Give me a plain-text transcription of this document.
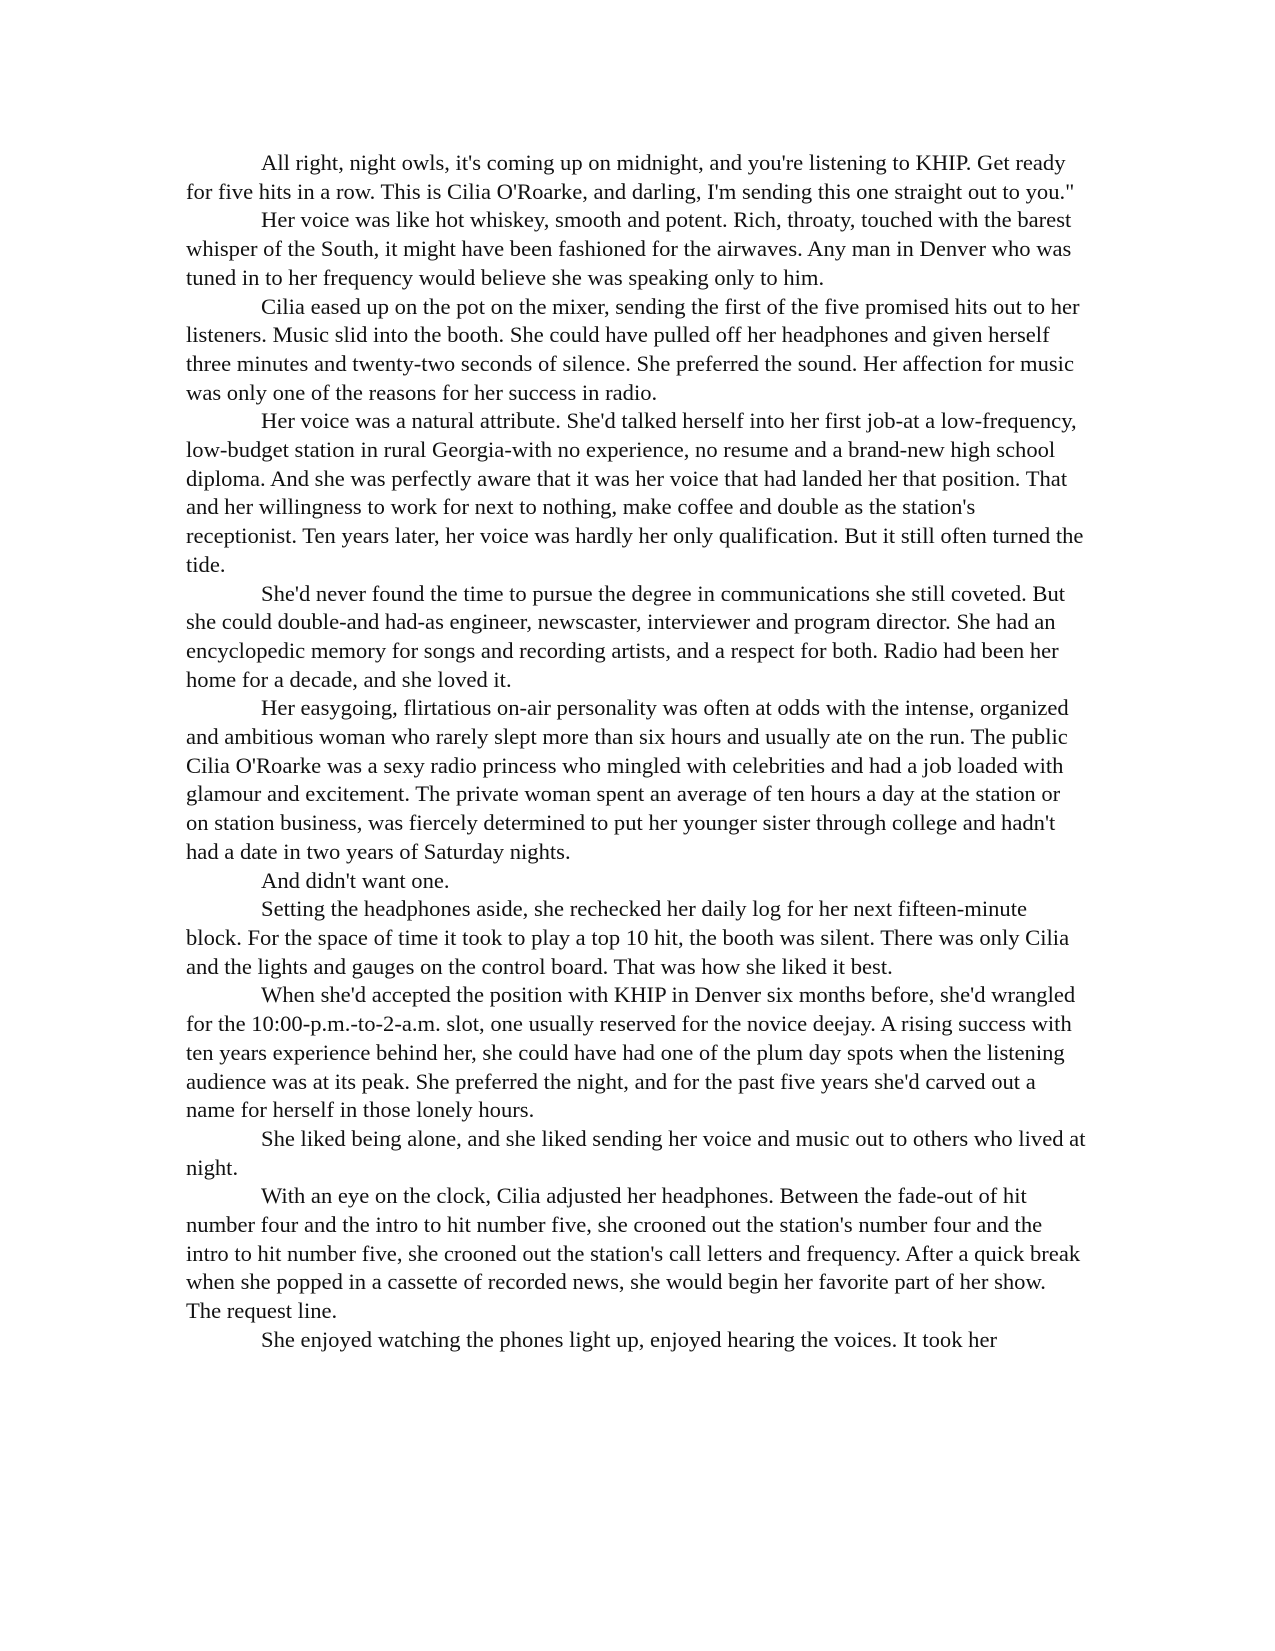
All right, night owls, it's coming up on midnight, and you're listening to KHIP. Get ready for five hits in a row. This is Cilia O'Roarke, and darling, I'm sending this one straight out to you."

Her voice was like hot whiskey, smooth and potent. Rich, throaty, touched with the barest whisper of the South, it might have been fashioned for the airwaves. Any man in Denver who was tuned in to her frequency would believe she was speaking only to him.

Cilia eased up on the pot on the mixer, sending the first of the five promised hits out to her listeners. Music slid into the booth. She could have pulled off her headphones and given herself three minutes and twenty-two seconds of silence. She preferred the sound. Her affection for music was only one of the reasons for her success in radio.

Her voice was a natural attribute. She'd talked herself into her first job-at a low-frequency, low-budget station in rural Georgia-with no experience, no resume and a brand-new high school diploma. And she was perfectly aware that it was her voice that had landed her that position. That and her willingness to work for next to nothing, make coffee and double as the station's receptionist. Ten years later, her voice was hardly her only qualification. But it still often turned the tide.

She'd never found the time to pursue the degree in communications she still coveted. But she could double-and had-as engineer, newscaster, interviewer and program director. She had an encyclopedic memory for songs and recording artists, and a respect for both. Radio had been her home for a decade, and she loved it.

Her easygoing, flirtatious on-air personality was often at odds with the intense, organized and ambitious woman who rarely slept more than six hours and usually ate on the run. The public Cilia O'Roarke was a sexy radio princess who mingled with celebrities and had a job loaded with glamour and excitement. The private woman spent an average of ten hours a day at the station or on station business, was fiercely determined to put her younger sister through college and hadn't had a date in two years of Saturday nights.

And didn't want one.

Setting the headphones aside, she rechecked her daily log for her next fifteen-minute block. For the space of time it took to play a top 10 hit, the booth was silent. There was only Cilia and the lights and gauges on the control board. That was how she liked it best.

When she'd accepted the position with KHIP in Denver six months before, she'd wrangled for the 10:00-p.m.-to-2-a.m. slot, one usually reserved for the novice deejay. A rising success with ten years experience behind her, she could have had one of the plum day spots when the listening audience was at its peak. She preferred the night, and for the past five years she'd carved out a name for herself in those lonely hours.

She liked being alone, and she liked sending her voice and music out to others who lived at night.

With an eye on the clock, Cilia adjusted her headphones. Between the fade-out of hit number four and the intro to hit number five, she crooned out the station's number four and the intro to hit number five, she crooned out the station's call letters and frequency. After a quick break when she popped in a cassette of recorded news, she would begin her favorite part of her show. The request line.

She enjoyed watching the phones light up, enjoyed hearing the voices. It took her
